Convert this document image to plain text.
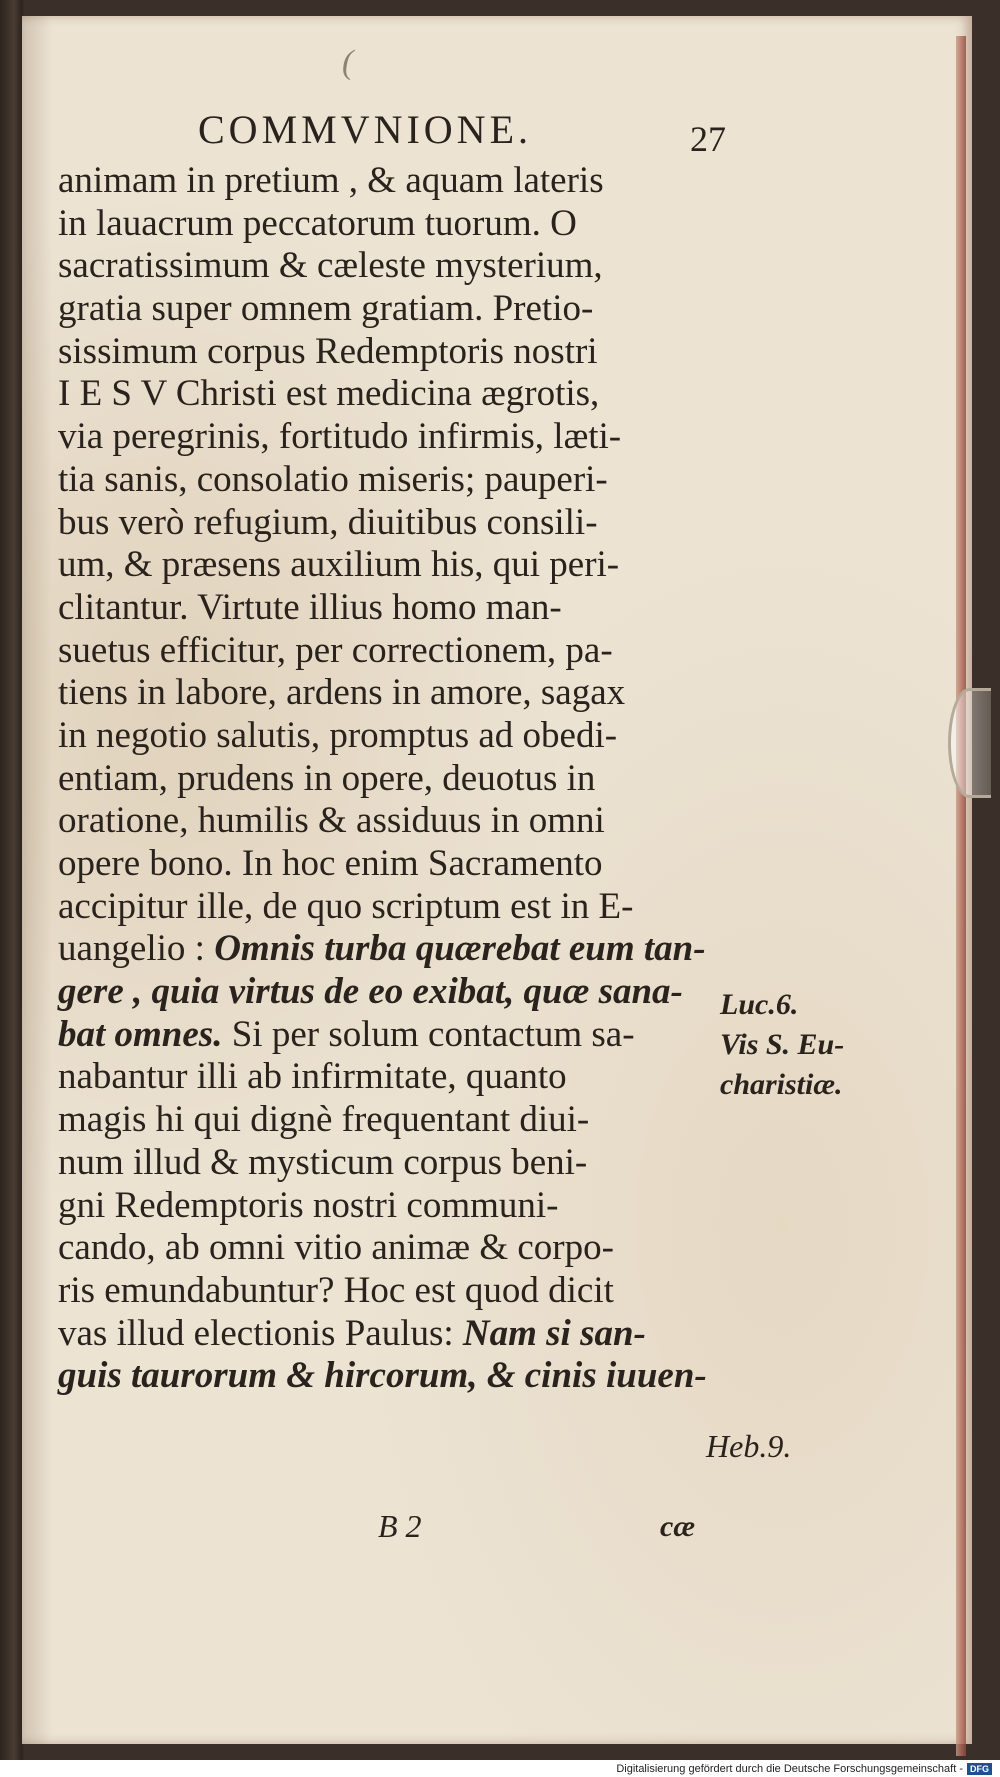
(
COMMVNIONE.	27
animam in pretium , & aquam lateris
in lauacrum peccatorum tuorum. O
sacratissimum & cæleste mysterium,
gratia super omnem gratiam. Pretio-
sissimum corpus Redemptoris nostri
I E S V Christi est medicina ægrotis,
via peregrinis, fortitudo infirmis, læti-
tia sanis, consolatio miseris; pauperi-
bus verò refugium, diuitibus consili-
um, & præsens auxilium his, qui peri-
clitantur. Virtute illius homo man-
suetus efficitur, per correctionem, pa-
tiens in labore, ardens in amore, sagax
in negotio salutis, promptus ad obedi-
entiam, prudens in opere, deuotus in
oratione, humilis & assiduus in omni
opere bono. In hoc enim Sacramento
accipitur ille, de quo scriptum est in E-
uangelio : Omnis turba quærebat eum tan-
gere , quia virtus de eo exibat, quæ sana-
bat omnes. Si per solum contactum sa-
nabantur illi ab infirmitate, quanto
magis hi qui dignè frequentant diui-
num illud & mysticum corpus beni-
gni Redemptoris nostri communi-
cando, ab omni vitio animæ & corpo-
ris emundabuntur? Hoc est quod dicit
vas illud electionis Paulus: Nam si san-
guis taurorum & hircorum, & cinis iuuen-
Luc.6.
Vis S. Eu-
charistiæ.
Heb.9.
B 2	cæ
Digitalisierung gefördert durch die Deutsche Forschungsgemeinschaft - DFG
